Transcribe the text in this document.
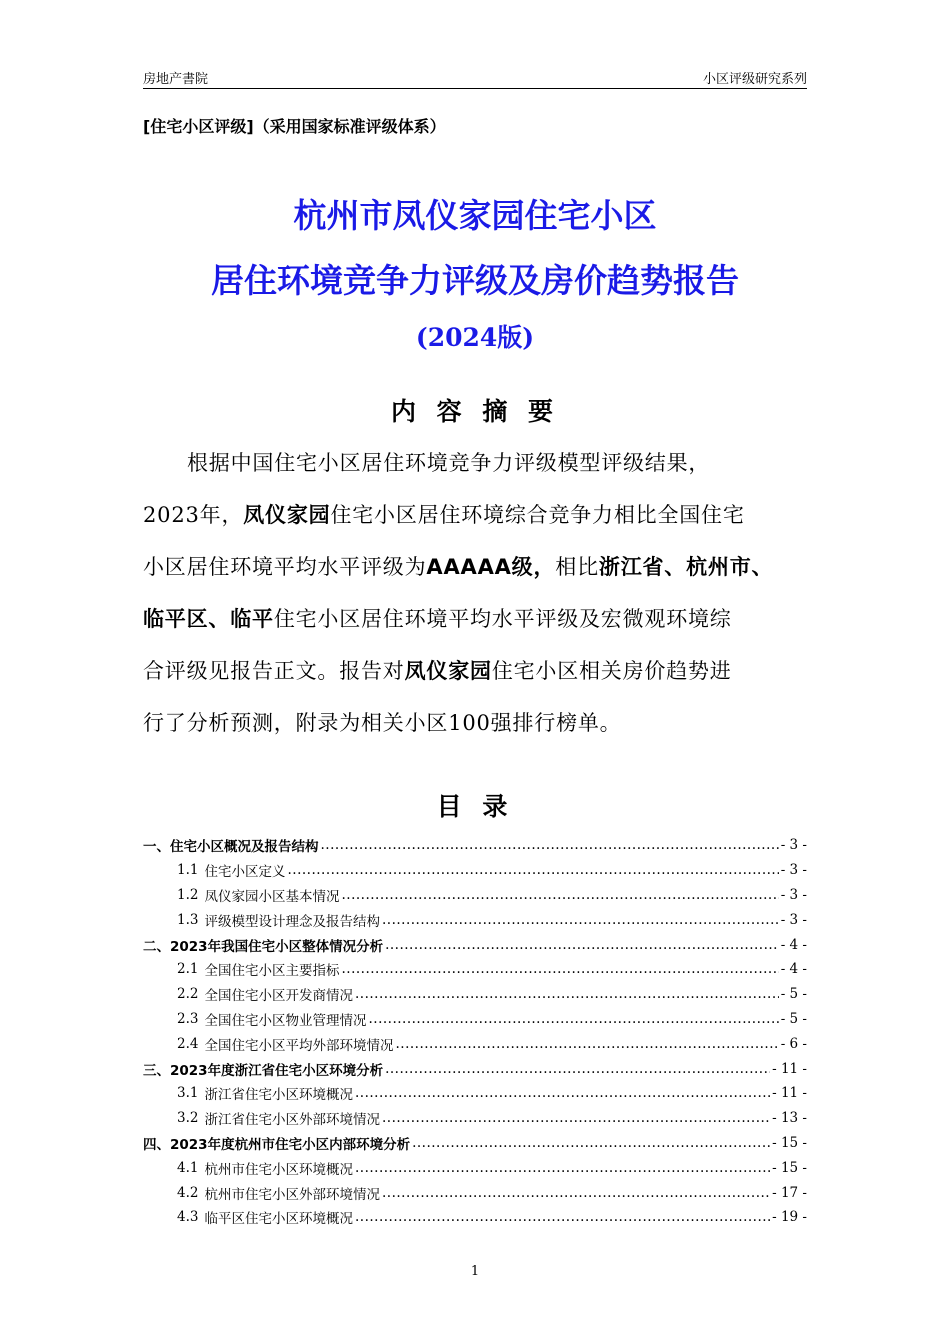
房地产書院	小区评级研究系列
[住宅小区评级]（采用国家标准评级体系）
杭州市凤仪家园住宅小区
居住环境竞争力评级及房价趋势报告
(2024版)
内 容 摘 要
根据中国住宅小区居住环境竞争力评级模型评级结果，
2023年，凤仪家园住宅小区居住环境综合竞争力相比全国住宅
小区居住环境平均水平评级为AAAAA级，相比浙江省、杭州市、
临平区、临平住宅小区居住环境平均水平评级及宏微观环境综
合评级见报告正文。报告对凤仪家园住宅小区相关房价趋势进
行了分析预测，附录为相关小区100强排行榜单。
目 录
一、住宅小区概况及报告结构 .....	- 3 -
1.1 住宅小区定义 .....	- 3 -
1.2 凤仪家园小区基本情况 .....	- 3 -
1.3 评级模型设计理念及报告结构 .....	- 3 -
二、2023年我国住宅小区整体情况分析 .....	- 4 -
2.1 全国住宅小区主要指标 .....	- 4 -
2.2 全国住宅小区开发商情况 .....	- 5 -
2.3 全国住宅小区物业管理情况 .....	- 5 -
2.4 全国住宅小区平均外部环境情况 .....	- 6 -
三、2023年度浙江省住宅小区环境分析 .....	- 11 -
3.1 浙江省住宅小区环境概况 .....	- 11 -
3.2 浙江省住宅小区外部环境情况 .....	- 13 -
四、2023年度杭州市住宅小区内部环境分析 .....	- 15 -
4.1 杭州市住宅小区环境概况 .....	- 15 -
4.2 杭州市住宅小区外部环境情况 .....	- 17 -
4.3 临平区住宅小区环境概况 .....	- 19 -
1
